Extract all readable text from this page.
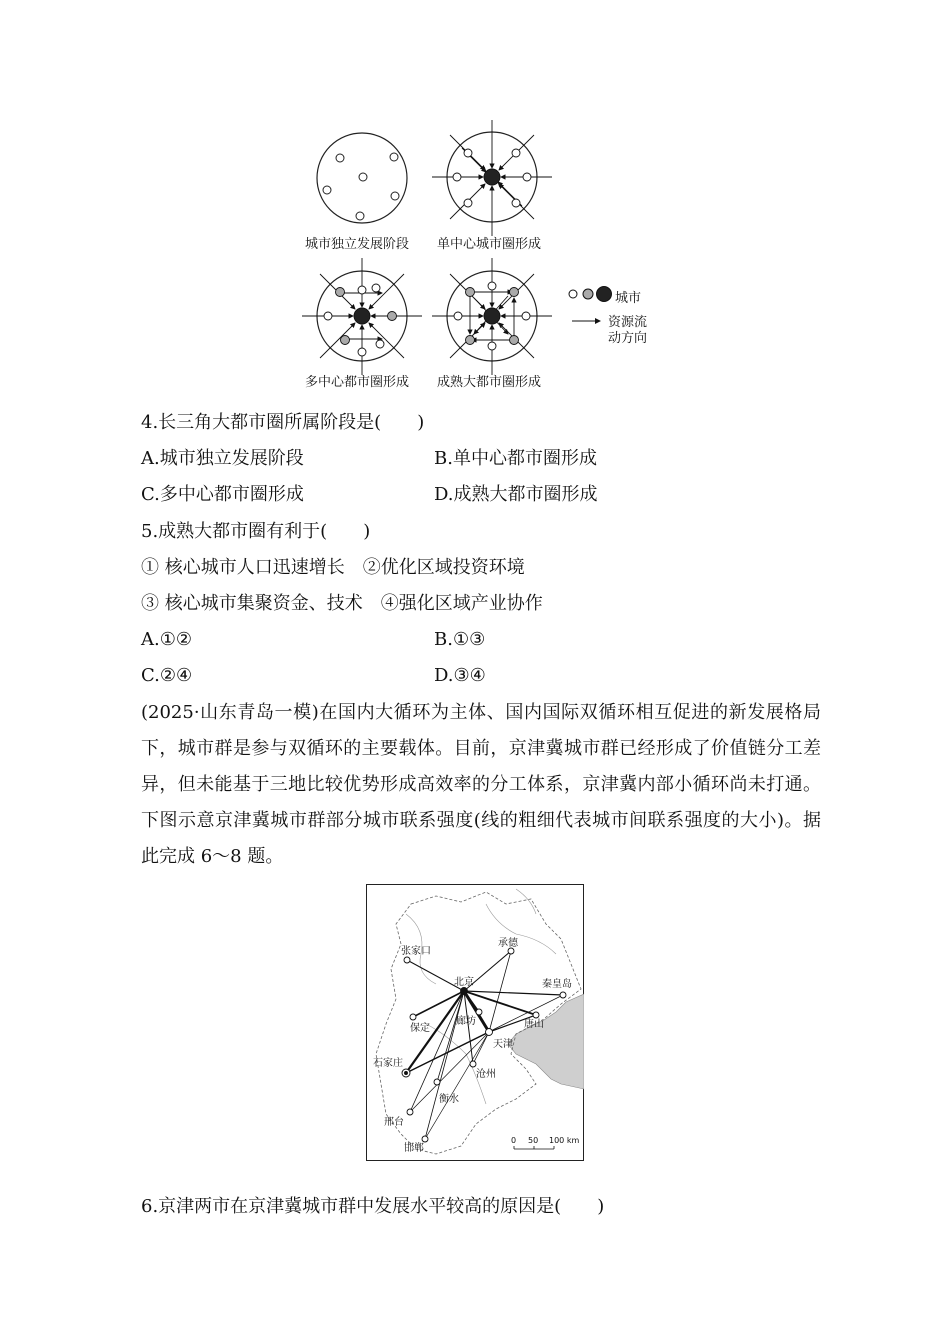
城市独立发展阶段 单中心城市圈形成
多中心都市圈形成 成熟大都市圈形成
城市
资源流
动方向
4.长三角大都市圈所属阶段是(　　)
A.城市独立发展阶段	B.单中心都市圈形成
C.多中心都市圈形成	D.成熟大都市圈形成
5.成熟大都市圈有利于(　　)
① 核心城市人口迅速增长　②优化区域投资环境
③ 核心城市集聚资金、技术　④强化区域产业协作
A.①②	B.①③
C.②④	D.③④
(2025·山东青岛一模)在国内大循环为主体、国内国际双循环相互促进的新发展格局下，城市群是参与双循环的主要载体。目前，京津冀城市群已经形成了价值链分工差异，但未能基于三地比较优势形成高效率的分工体系，京津冀内部小循环尚未打通。下图示意京津冀城市群部分城市联系强度(线的粗细代表城市间联系强度的大小)。据此完成 6～8 题。
张家口
承德
北京	秦皇岛
廊坊	唐山
保定
天津
石家庄
沧州
衡水
邢台
邯郸
0 50 100 km
6.京津两市在京津冀城市群中发展水平较高的原因是(　　)
